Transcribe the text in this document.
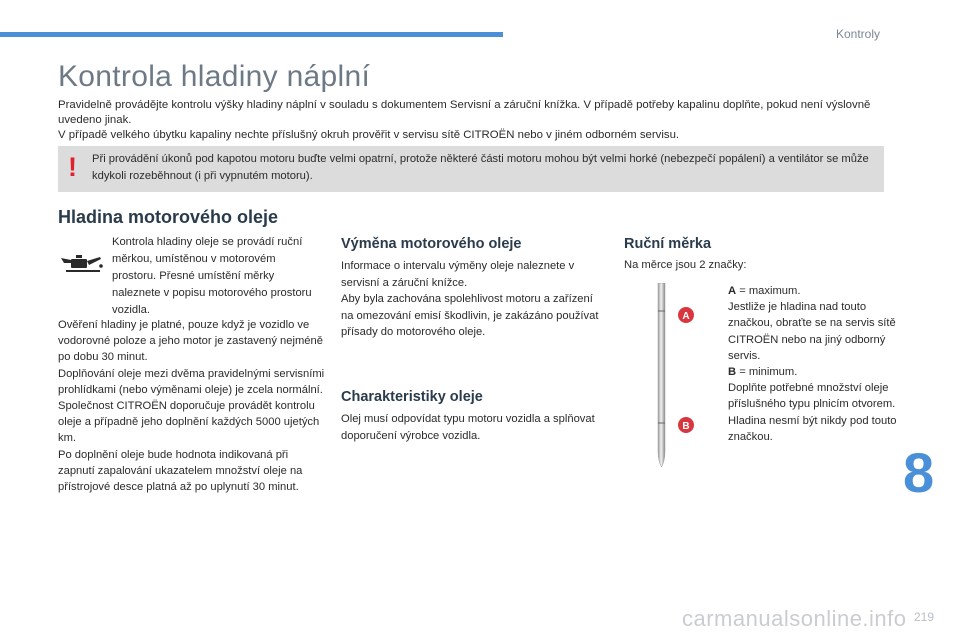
Kontroly
Kontrola hladiny náplní

Pravidelně provádějte kontrolu výšky hladiny náplní v souladu s dokumentem Servisní a záruční knížka. V případě potřeby kapalinu doplňte, pokud není výslovně uvedeno jinak.

V případě velkého úbytku kapaliny nechte příslušný okruh prověřit v servisu sítě CITROËN nebo v jiném odborném servisu.

! Při provádění úkonů pod kapotou motoru buďte velmi opatrní, protože některé části motoru mohou být velmi horké (nebezpečí popálení) a ventilátor se může kdykoli rozeběhnout (i při vypnutém motoru).
Hladina motorového oleje

Kontrola hladiny oleje se provádí ruční měrkou, umístěnou v motorovém prostoru. Přesné umístění měrky naleznete v popisu motorového prostoru vozidla.

Ověření hladiny je platné, pouze když je vozidlo ve vodorovné poloze a jeho motor je zastavený nejméně po dobu 30 minut.

Doplňování oleje mezi dvěma pravidelnými servisními prohlídkami (nebo výměnami oleje) je zcela normální. Společnost CITROËN doporučuje provádět kontrolu oleje a případně jeho doplnění každých 5000 ujetých km.

Po doplnění oleje bude hodnota indikovaná při zapnutí zapalování ukazatelem množství oleje na přístrojové desce platná až po uplynutí 30 minut.

Výměna motorového oleje

Informace o intervalu výměny oleje naleznete v servisní a záruční knížce.

Aby byla zachována spolehlivost motoru a zařízení na omezování emisí škodlivin, je zakázáno používat přísady do motorového oleje.

Charakteristiky oleje

Olej musí odpovídat typu motoru vozidla a splňovat doporučení výrobce vozidla.

Ruční měrka
Na měrce jsou 2 značky:
A
B

A = maximum.

Jestliže je hladina nad touto značkou, obraťte se na servis sítě CITROËN nebo na jiný odborný servis.

B = minimum.

Doplňte potřebné množství oleje příslušného typu plnicím otvorem. Hladina nesmí být nikdy pod touto značkou.

8
carmanualsonline.info 219
